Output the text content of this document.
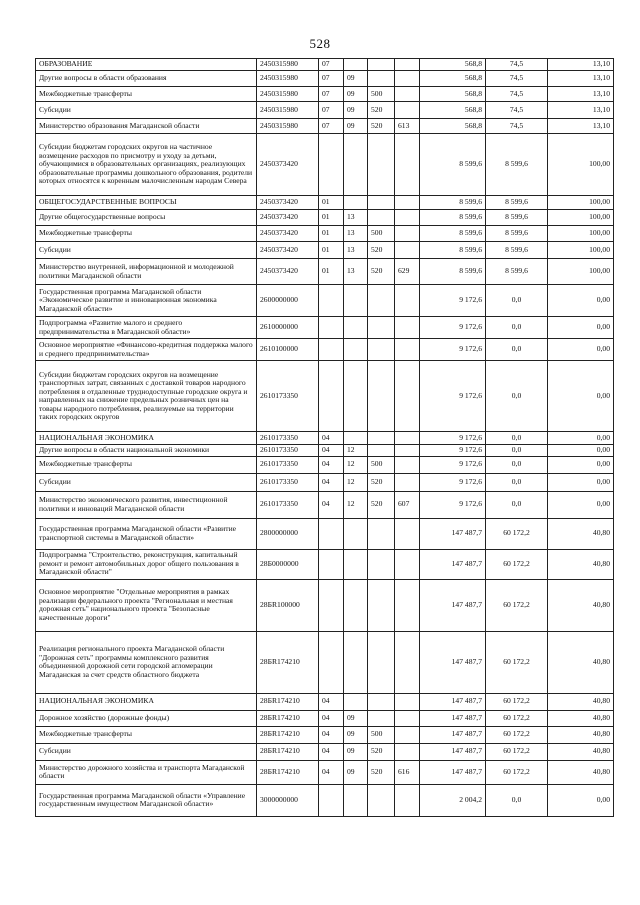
528
ОБРАЗОВАНИЕ	2450315980	07				568,8	74,5	13,10
Другие вопросы в области образования	2450315980	07	09			568,8	74,5	13,10
Межбюджетные трансферты	2450315980	07	09	500		568,8	74,5	13,10
Субсидии	2450315980	07	09	520		568,8	74,5	13,10
Министерство образования Магаданской области	2450315980	07	09	520	613	568,8	74,5	13,10
Субсидии бюджетам городских округов на частичное возмещение расходов по присмотру и уходу за детьми, обучающимися в образовательных организациях, реализующих образовательные программы дошкольного образования, родители которых относятся к коренным малочисленным народам Севера	2450373420					8 599,6	8 599,6	100,00
ОБЩЕГОСУДАРСТВЕННЫЕ ВОПРОСЫ	2450373420	01				8 599,6	8 599,6	100,00
Другие общегосударственные вопросы	2450373420	01	13			8 599,6	8 599,6	100,00
Межбюджетные трансферты	2450373420	01	13	500		8 599,6	8 599,6	100,00
Субсидии	2450373420	01	13	520		8 599,6	8 599,6	100,00
Министерство внутренней, информационной и молодежной политики Магаданской области	2450373420	01	13	520	629	8 599,6	8 599,6	100,00
Государственная программа Магаданской области «Экономическое развитие и инновационная экономика Магаданской области»	2600000000					9 172,6	0,0	0,00
Подпрограмма «Развитие малого и среднего предпринимательства в Магаданской области»	2610000000					9 172,6	0,0	0,00
Основное мероприятие «Финансово-кредитная поддержка малого и среднего предпринимательства»	2610100000					9 172,6	0,0	0,00
Субсидии бюджетам городских округов на возмещение транспортных затрат, связанных с доставкой товаров народного потребления в отдаленные труднодоступные городские округа и направленных на снижение предельных розничных цен на товары народного потребления, реализуемые на территории таких городских округов	2610173350					9 172,6	0,0	0,00
НАЦИОНАЛЬНАЯ ЭКОНОМИКА	2610173350	04				9 172,6	0,0	0,00
Другие вопросы в области национальной экономики	2610173350	04	12			9 172,6	0,0	0,00
Межбюджетные трансферты	2610173350	04	12	500		9 172,6	0,0	0,00
Субсидии	2610173350	04	12	520		9 172,6	0,0	0,00
Министерство экономического развития, инвестиционной политики и инноваций Магаданской области	2610173350	04	12	520	607	9 172,6	0,0	0,00
Государственная программа Магаданской области «Развитие транспортной системы в Магаданской области»	2800000000					147 487,7	60 172,2	40,80
Подпрограмма "Строительство, реконструкция, капитальный ремонт и ремонт автомобильных дорог общего пользования в Магаданской области"	28Б0000000					147 487,7	60 172,2	40,80
Основное мероприятие "Отдельные мероприятия в рамках реализации федерального проекта "Региональная и местная дорожная сеть" национального проекта "Безопасные качественные дороги"	28БR100000					147 487,7	60 172,2	40,80
Реализация регионального проекта Магаданской области "Дорожная сеть" программы комплексного развития объединенной дорожной сети городской агломерации Магаданская за счет средств областного бюджета	28БR174210					147 487,7	60 172,2	40,80
НАЦИОНАЛЬНАЯ ЭКОНОМИКА	28БR174210	04				147 487,7	60 172,2	40,80
Дорожное хозяйство (дорожные фонды)	28БR174210	04	09			147 487,7	60 172,2	40,80
Межбюджетные трансферты	28БR174210	04	09	500		147 487,7	60 172,2	40,80
Субсидии	28БR174210	04	09	520		147 487,7	60 172,2	40,80
Министерство дорожного хозяйства и транспорта Магаданской области	28БR174210	04	09	520	616	147 487,7	60 172,2	40,80
Государственная программа Магаданской области «Управление государственным имуществом Магаданской области»	3000000000					2 004,2	0,0	0,00
